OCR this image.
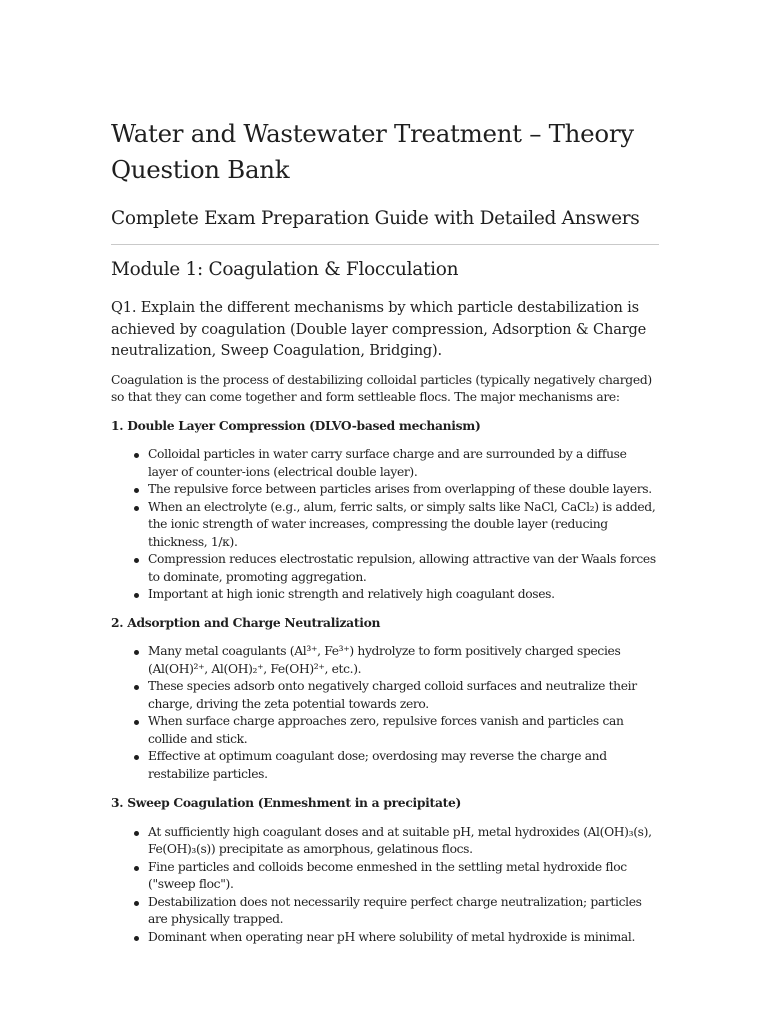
Water and Wastewater Treatment – Theory Question Bank
Complete Exam Preparation Guide with Detailed Answers
Module 1: Coagulation & Flocculation
Q1. Explain the different mechanisms by which particle destabilization is achieved by coagulation (Double layer compression, Adsorption & Charge neutralization, Sweep Coagulation, Bridging).

Coagulation is the process of destabilizing colloidal particles (typically negatively charged) so that they can come together and form settleable flocs. The major mechanisms are:

1. Double Layer Compression (DLVO-based mechanism)
Colloidal particles in water carry surface charge and are surrounded by a diffuse layer of counter-ions (electrical double layer).
The repulsive force between particles arises from overlapping of these double layers.
When an electrolyte (e.g., alum, ferric salts, or simply salts like NaCl, CaCl₂) is added, the ionic strength of water increases, compressing the double layer (reducing thickness, 1/κ).
Compression reduces electrostatic repulsion, allowing attractive van der Waals forces to dominate, promoting aggregation.
Important at high ionic strength and relatively high coagulant doses.
2. Adsorption and Charge Neutralization
Many metal coagulants (Al³⁺, Fe³⁺) hydrolyze to form positively charged species (Al(OH)²⁺, Al(OH)₂⁺, Fe(OH)²⁺, etc.).
These species adsorb onto negatively charged colloid surfaces and neutralize their charge, driving the zeta potential towards zero.
When surface charge approaches zero, repulsive forces vanish and particles can collide and stick.
Effective at optimum coagulant dose; overdosing may reverse the charge and restabilize particles.
3. Sweep Coagulation (Enmeshment in a precipitate)
At sufficiently high coagulant doses and at suitable pH, metal hydroxides (Al(OH)₃(s), Fe(OH)₃(s)) precipitate as amorphous, gelatinous flocs.
Fine particles and colloids become enmeshed in the settling metal hydroxide floc ("sweep floc").
Destabilization does not necessarily require perfect charge neutralization; particles are physically trapped.
Dominant when operating near pH where solubility of metal hydroxide is minimal.
